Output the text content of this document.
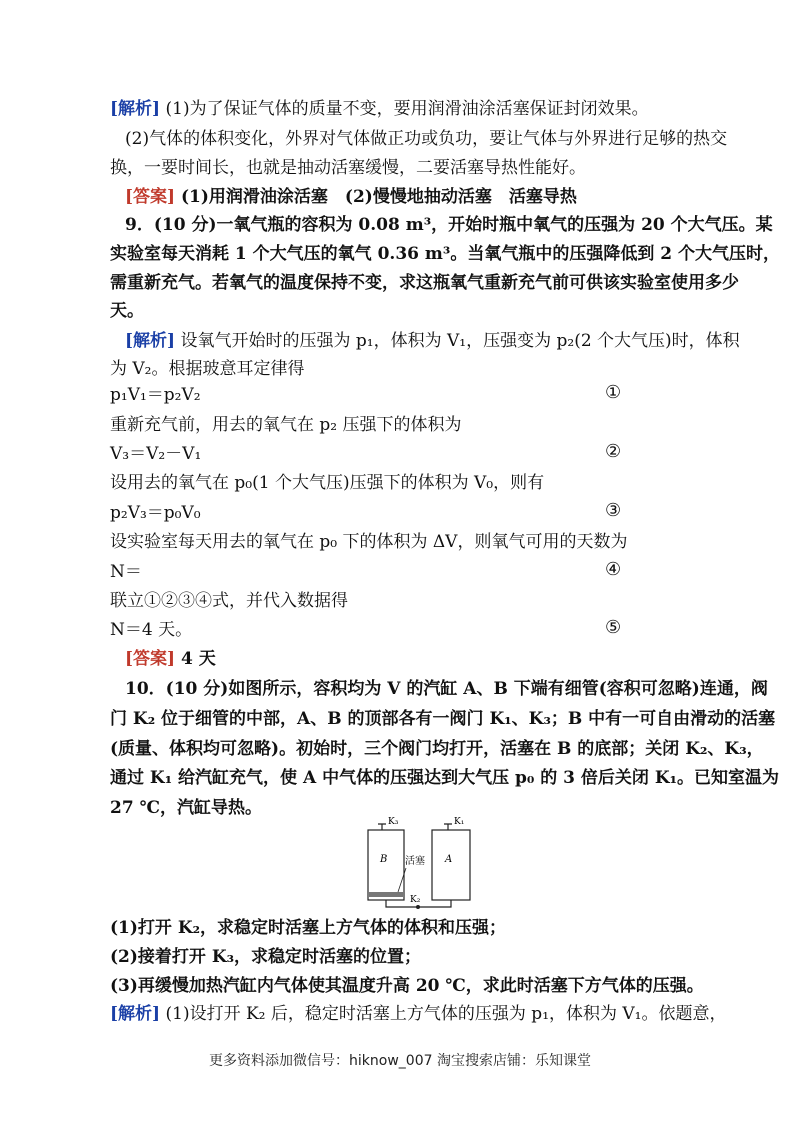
[解析] (1)为了保证气体的质量不变，要用润滑油涂活塞保证封闭效果。
(2)气体的体积变化，外界对气体做正功或负功，要让气体与外界进行足够的热交
换，一要时间长，也就是抽动活塞缓慢，二要活塞导热性能好。
[答案] (1)用润滑油涂活塞　(2)慢慢地抽动活塞　活塞导热
9．(10 分)一氧气瓶的容积为 0.08 m³，开始时瓶中氧气的压强为 20 个大气压。某
实验室每天消耗 1 个大气压的氧气 0.36 m³。当氧气瓶中的压强降低到 2 个大气压时，
需重新充气。若氧气的温度保持不变，求这瓶氧气重新充气前可供该实验室使用多少
天。
[解析] 设氧气开始时的压强为 p₁，体积为 V₁，压强变为 p₂(2 个大气压)时，体积
为 V₂。根据玻意耳定律得
p₁V₁＝p₂V₂	①
重新充气前，用去的氧气在 p₂ 压强下的体积为
V₃＝V₂－V₁	②
设用去的氧气在 p₀(1 个大气压)压强下的体积为 V₀，则有
p₂V₃＝p₀V₀	③
设实验室每天用去的氧气在 p₀ 下的体积为 ΔV，则氧气可用的天数为
N＝	④
联立①②③④式，并代入数据得
N＝4 天。	⑤
[答案] 4 天
10．(10 分)如图所示，容积均为 V 的汽缸 A、B 下端有细管(容积可忽略)连通，阀
门 K₂ 位于细管的中部，A、B 的顶部各有一阀门 K₁、K₃；B 中有一可自由滑动的活塞
(质量、体积均可忽略)。初始时，三个阀门均打开，活塞在 B 的底部；关闭 K₂、K₃，
通过 K₁ 给汽缸充气，使 A 中气体的压强达到大气压 p₀ 的 3 倍后关闭 K₁。已知室温为
27 ℃，汽缸导热。
K₃	K₁
B	A
活塞
K₂
(1)打开 K₂，求稳定时活塞上方气体的体积和压强；
(2)接着打开 K₃，求稳定时活塞的位置；
(3)再缓慢加热汽缸内气体使其温度升高 20 ℃，求此时活塞下方气体的压强。
[解析] (1)设打开 K₂ 后，稳定时活塞上方气体的压强为 p₁，体积为 V₁。依题意，
更多资料添加微信号：hiknow_007 淘宝搜索店铺：乐知课堂
